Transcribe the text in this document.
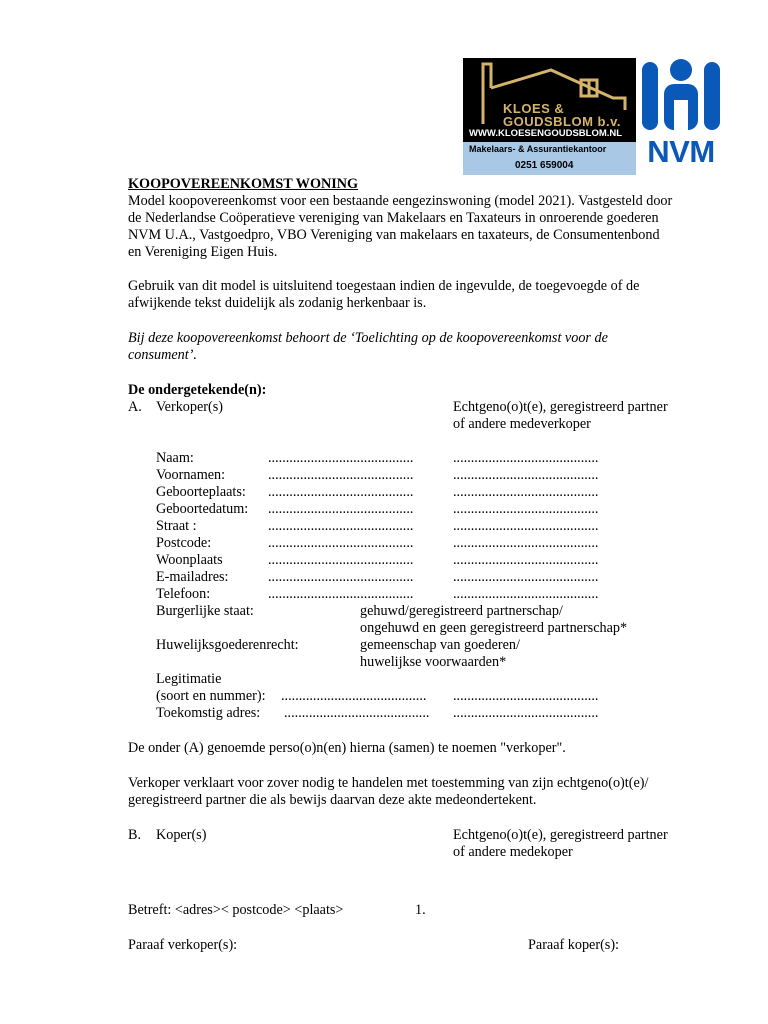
KLOES &
GOUDSBLOM b.v.
WWW.KLOESENGOUDSBLOM.NL
Makelaars- & Assurantiekantoor
0251 659004 NVM
KOOPOVEREENKOMST WONING
Model koopovereenkomst voor een bestaande eengezinswoning (model 2021). Vastgesteld door
de Nederlandse Coöperatieve vereniging van Makelaars en Taxateurs in onroerende goederen
NVM U.A., Vastgoedpro, VBO Vereniging van makelaars en taxateurs, de Consumentenbond
en Vereniging Eigen Huis.
Gebruik van dit model is uitsluitend toegestaan indien de ingevulde, de toegevoegde of de
afwijkende tekst duidelijk als zodanig herkenbaar is.
Bij deze koopovereenkomst behoort de ‘Toelichting op de koopovereenkomst voor de
consument’.
De ondergetekende(n):
A. Verkoper(s)	Echtgeno(o)t(e), geregistreerd partner
of andere medeverkoper
Naam:	.........................................	.........................................
Voornamen:	.........................................	.........................................
Geboorteplaats: .........................................	.........................................
Geboortedatum: .........................................	.........................................
Straat :	.........................................	.........................................
Postcode:	.........................................	.........................................
Woonplaats	.........................................	.........................................
E-mailadres:	.........................................	.........................................
Telefoon:	.........................................	.........................................
Burgerlijke staat:	gehuwd/geregistreerd partnerschap/
ongehuwd en geen geregistreerd partnerschap*
Huwelijksgoederenrecht:	gemeenschap van goederen/
huwelijkse voorwaarden*
Legitimatie
(soort en nummer): ......................................... .........................................
Toekomstig adres: ......................................... .........................................
De onder (A) genoemde perso(o)n(en) hierna (samen) te noemen "verkoper".
Verkoper verklaart voor zover nodig te handelen met toestemming van zijn echtgeno(o)t(e)/
geregistreerd partner die als bewijs daarvan deze akte medeondertekent.
B. Koper(s)	Echtgeno(o)t(e), geregistreerd partner
of andere medekoper
Betreft: <adres>< postcode> <plaats>	1.
Paraaf verkoper(s):	Paraaf koper(s):
